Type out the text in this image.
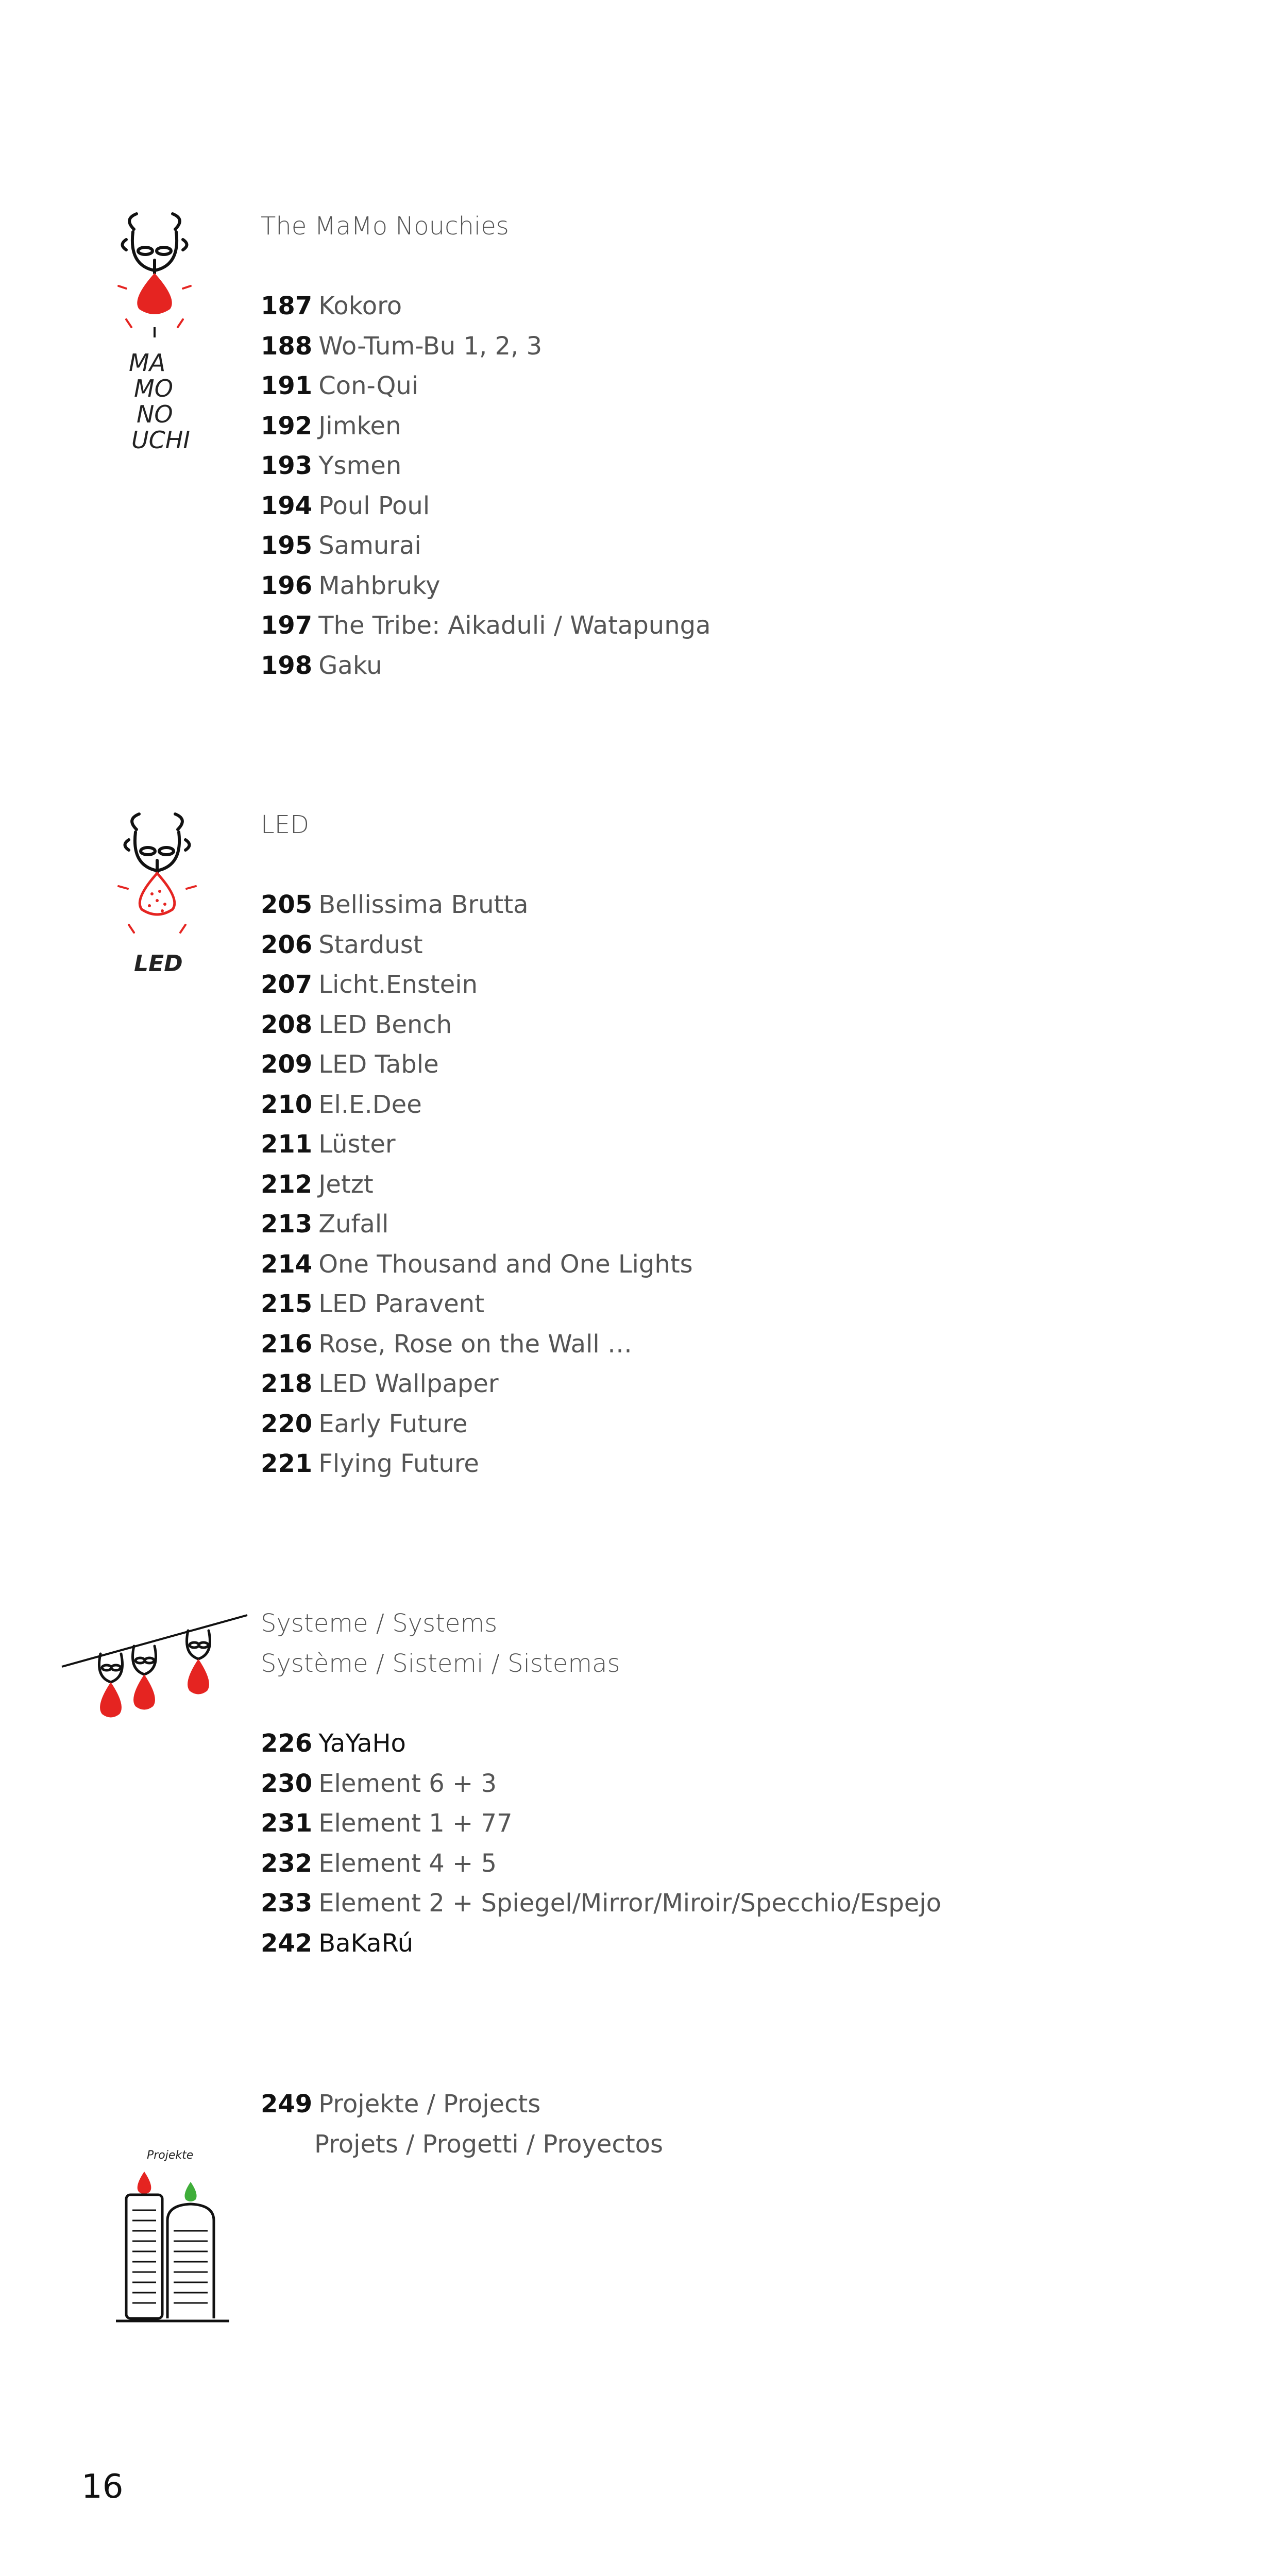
MA
MO
NO
UCHI

The MaMo Nouchies

187 Kokoro
188 Wo-Tum-Bu 1, 2, 3
191 Con-Qui
192 Jimken
193 Ysmen
194 Poul Poul
195 Samurai
196 Mahbruky
197 The Tribe: Aikaduli / Watapunga
198 Gaku
LED

LED

205 Bellissima Brutta
206 Stardust
207 Licht.Enstein
208 LED Bench
209 LED Table
210 El.E.Dee
211 Lüster
212 Jetzt
213 Zufall
214 One Thousand and One Lights
215 LED Paravent
216 Rose, Rose on the Wall …
218 LED Wallpaper
220 Early Future
221 Flying Future

Systeme / Systems

Système / Sistemi / Sistemas

226 YaYaHo
230 Element 6 + 3
231 Element 1 + 77
232 Element 4 + 5
233 Element 2 + Spiegel/Mirror/Miroir/Specchio/Espejo
242 BaKaRú
Projekte
249 Projekte / Projects
Projets / Progetti / Proyectos
16
